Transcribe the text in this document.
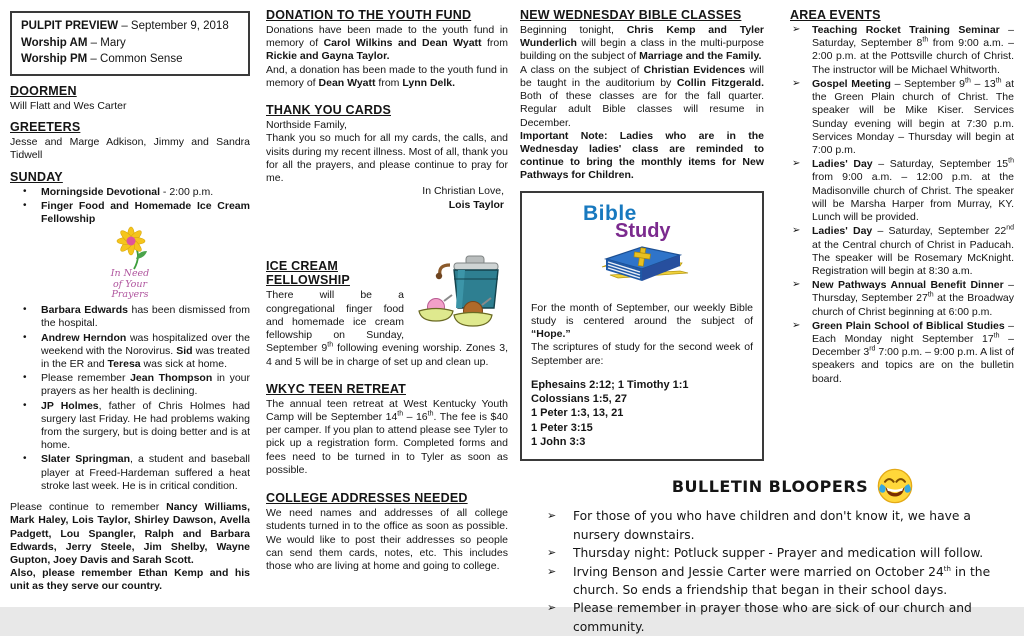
PULPIT PREVIEW – September 9, 2018
Worship AM – Mary
Worship PM – Common Sense
DOORMEN

Will Flatt and Wes Carter

GREETERS

Jesse and Marge Adkison, Jimmy and Sandra Tidwell

SUNDAY
• Morningside Devotional - 2:00 p.m.
• Finger Food and Homemade Ice Cream Fellowship
In Need
of Your
Prayers
• Barbara Edwards has been dismissed from the hospital.
• Andrew Herndon was hospitalized over the weekend with the Norovirus. Sid was treated in the ER and Teresa was sick at home.
• Please remember Jean Thompson in your prayers as her health is declining.
• JP Holmes, father of Chris Holmes had surgery last Friday. He had problems waking from the surgery, but is doing better and is at home.
• Slater Springman, a student and baseball player at Freed-Hardeman suffered a heat stroke last week. He is in critical condition.

Please continue to remember Nancy Williams, Mark Haley, Lois Taylor, Shirley Dawson, Avella Padgett, Lou Spangler, Ralph and Barbara Edwards, Jerry Steele, Jim Shelby, Wayne Gupton, Joey Davis and Sarah Scott.

Also, please remember Ethan Kemp and his unit as they serve our country.

DONATION TO THE YOUTH FUND

Donations have been made to the youth fund in memory of Carol Wilkins and Dean Wyatt from Rickie and Gayna Taylor.

And, a donation has been made to the youth fund in memory of Dean Wyatt from Lynn Delk.

THANK YOU CARDS

Northside Family,

Thank you so much for all my cards, the calls, and visits during my recent illness. Most of all, thank you for all the prayers, and please continue to pray for me.

In Christian Love,
Lois Taylor
ICE CREAM FELLOWSHIP

There will be a congregational finger food and homemade ice cream fellowship on Sunday, September 9th following evening worship. Zones 3, 4 and 5 will be in charge of set up and clean up.

WKYC TEEN RETREAT

The annual teen retreat at West Kentucky Youth Camp will be September 14th – 16th. The fee is $40 per camper. If you plan to attend please see Tyler to pick up a registration form. Completed forms and fees need to be turned in to Tyler as soon as possible.

COLLEGE ADDRESSES NEEDED

We need names and addresses of all college students turned in to the office as soon as possible. We would like to post their addresses so people can send them cards, notes, etc. This includes those who are living at home and going to college.

NEW WEDNESDAY BIBLE CLASSES

Beginning tonight, Chris Kemp and Tyler Wunderlich will begin a class in the multi-purpose building on the subject of Marriage and the Family.

A class on the subject of Christian Evidences will be taught in the auditorium by Collin Fitzgerald. Both of these classes are for the fall quarter. Regular adult Bible classes will resume in December.

Important Note: Ladies who are in the Wednesday ladies' class are reminded to continue to bring the monthly items for New Pathways for Children.

Bible
Study

For the month of September, our weekly Bible study is centered around the subject of “Hope.”

The scriptures of study for the second week of September are:

Ephesains 2:12; 1 Timothy 1:1
Colossians 1:5, 27
1 Peter 1:3, 13, 21
1 Peter 3:15
1 John 3:3
AREA EVENTS
➢ Teaching Rocket Training Seminar – Saturday, September 8th from 9:00 a.m. – 2:00 p.m. at the Pottsville church of Christ. The instructor will be Michael Whitworth.
➢ Gospel Meeting – September 9th – 13th at the Green Plain church of Christ. The speaker will be Mike Kiser. Services Sunday evening will begin at 7:30 p.m. Services Monday – Thursday will begin at 7:00 p.m.
➢ Ladies' Day – Saturday, September 15th from 9:00 a.m. – 12:00 p.m. at the Madisonville church of Christ. The speaker will be Marsha Harper from Murray, KY. Lunch will be provided.
➢ Ladies' Day – Saturday, September 22nd at the Central church of Christ in Paducah. The speaker will be Rosemary McKnight. Registration will begin at 8:30 a.m.
➢ New Pathways Annual Benefit Dinner – Thursday, September 27th at the Broadway church of Christ beginning at 6:00 p.m.
➢ Green Plain School of Biblical Studies – Each Monday night September 17th – December 3rd 7:00 p.m. – 9:00 p.m. A list of speakers and topics are on the bulletin board.
BULLETIN BLOOPERS
➢ For those of you who have children and don't know it, we have a nursery downstairs.
➢ Thursday night: Potluck supper - Prayer and medication will follow.
➢ Irving Benson and Jessie Carter were married on October 24th in the church. So ends a friendship that began in their school days.
➢ Please remember in prayer those who are sick of our church and community.
